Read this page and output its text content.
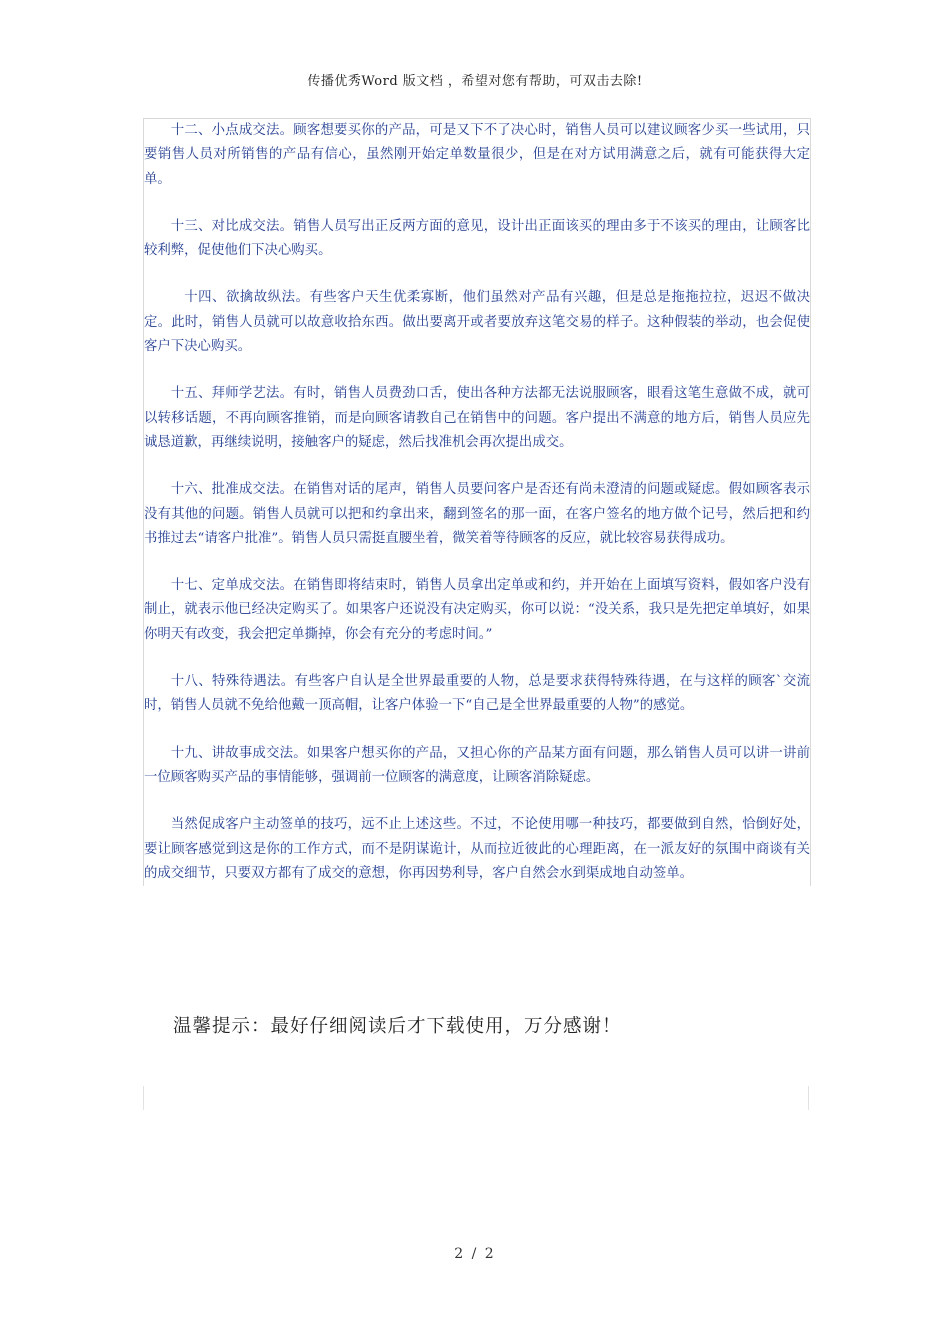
传播优秀Word 版文档 ，希望对您有帮助，可双击去除!

十二、小点成交法。顾客想要买你的产品，可是又下不了决心时，销售人员可以建议顾客少买一些试用，只要销售人员对所销售的产品有信心，虽然刚开始定单数量很少，但是在对方试用满意之后，就有可能获得大定单。

十三、对比成交法。销售人员写出正反两方面的意见，设计出正面该买的理由多于不该买的理由，让顾客比较利弊，促使他们下决心购买。

十四、欲擒故纵法。有些客户天生优柔寡断，他们虽然对产品有兴趣，但是总是拖拖拉拉，迟迟不做决定。此时，销售人员就可以故意收拾东西。做出要离开或者要放弃这笔交易的样子。这种假装的举动，也会促使客户下决心购买。

十五、拜师学艺法。有时，销售人员费劲口舌，使出各种方法都无法说服顾客，眼看这笔生意做不成，就可以转移话题，不再向顾客推销，而是向顾客请教自己在销售中的问题。客户提出不满意的地方后，销售人员应先诚恳道歉，再继续说明，接触客户的疑虑，然后找准机会再次提出成交。

十六、批准成交法。在销售对话的尾声，销售人员要问客户是否还有尚未澄清的问题或疑虑。假如顾客表示没有其他的问题。销售人员就可以把和约拿出来，翻到签名的那一面，在客户签名的地方做个记号，然后把和约书推过去“请客户批准”。销售人员只需挺直腰坐着，微笑着等待顾客的反应，就比较容易获得成功。

十七、定单成交法。在销售即将结束时，销售人员拿出定单或和约，并开始在上面填写资料，假如客户没有制止，就表示他已经决定购买了。如果客户还说没有决定购买，你可以说：“没关系，我只是先把定单填好，如果你明天有改变，我会把定单撕掉，你会有充分的考虑时间。”

十八、特殊待遇法。有些客户自认是全世界最重要的人物，总是要求获得特殊待遇，在与这样的顾客`交流时，销售人员就不免给他戴一顶高帽，让客户体验一下“自己是全世界最重要的人物”的感觉。

十九、讲故事成交法。如果客户想买你的产品，又担心你的产品某方面有问题，那么销售人员可以讲一讲前一位顾客购买产品的事情能够，强调前一位顾客的满意度，让顾客消除疑虑。

当然促成客户主动签单的技巧，远不止上述这些。不过，不论使用哪一种技巧，都要做到自然，恰倒好处，要让顾客感觉到这是你的工作方式，而不是阴谋诡计，从而拉近彼此的心理距离，在一派友好的氛围中商谈有关的成交细节，只要双方都有了成交的意想，你再因势利导，客户自然会水到渠成地自动签单。

温馨提示：最好仔细阅读后才下载使用，万分感谢！
2 / 2
